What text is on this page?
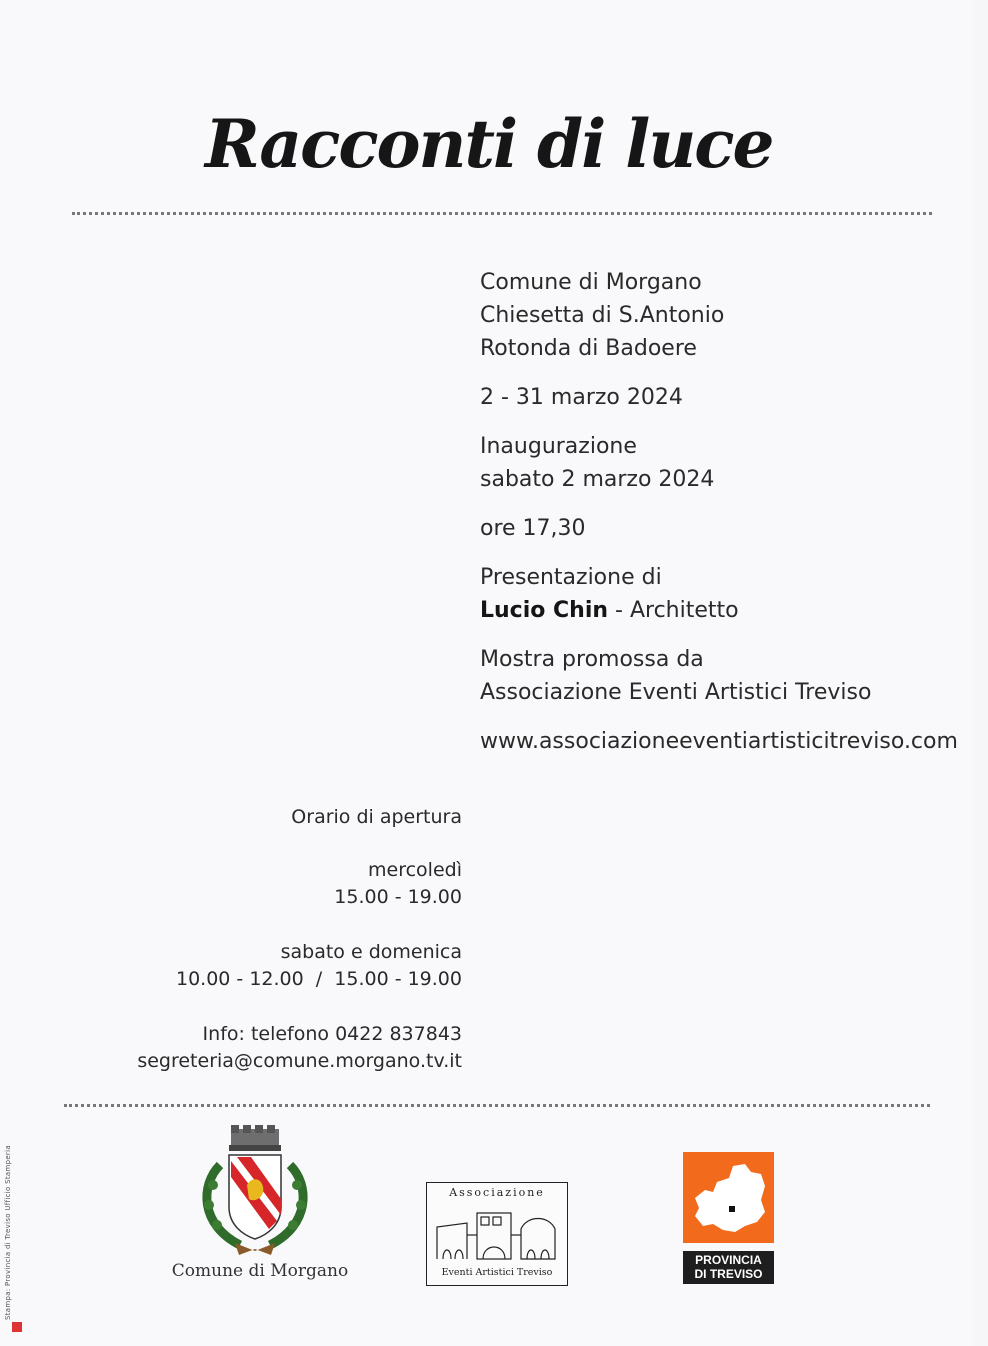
Racconti di luce
Comune di Morgano
Chiesetta di S.Antonio
Rotonda di Badoere
2 - 31 marzo 2024
Inaugurazione
sabato 2 marzo 2024
ore 17,30
Presentazione di
Lucio Chin - Architetto
Mostra promossa da
Associazione Eventi Artistici Treviso
www.associazioneeventiartisticitreviso.com
Orario di apertura
mercoledì
15.00 - 19.00
sabato e domenica
10.00 - 12.00  /  15.00 - 19.00
Info: telefono 0422 837843
segreteria@comune.morgano.tv.it
Comune di Morgano
Associazione
Eventi Artistici Treviso
PROVINCIA
DI TREVISO
Stampa: Provincia di Treviso Ufficio Stamperia
